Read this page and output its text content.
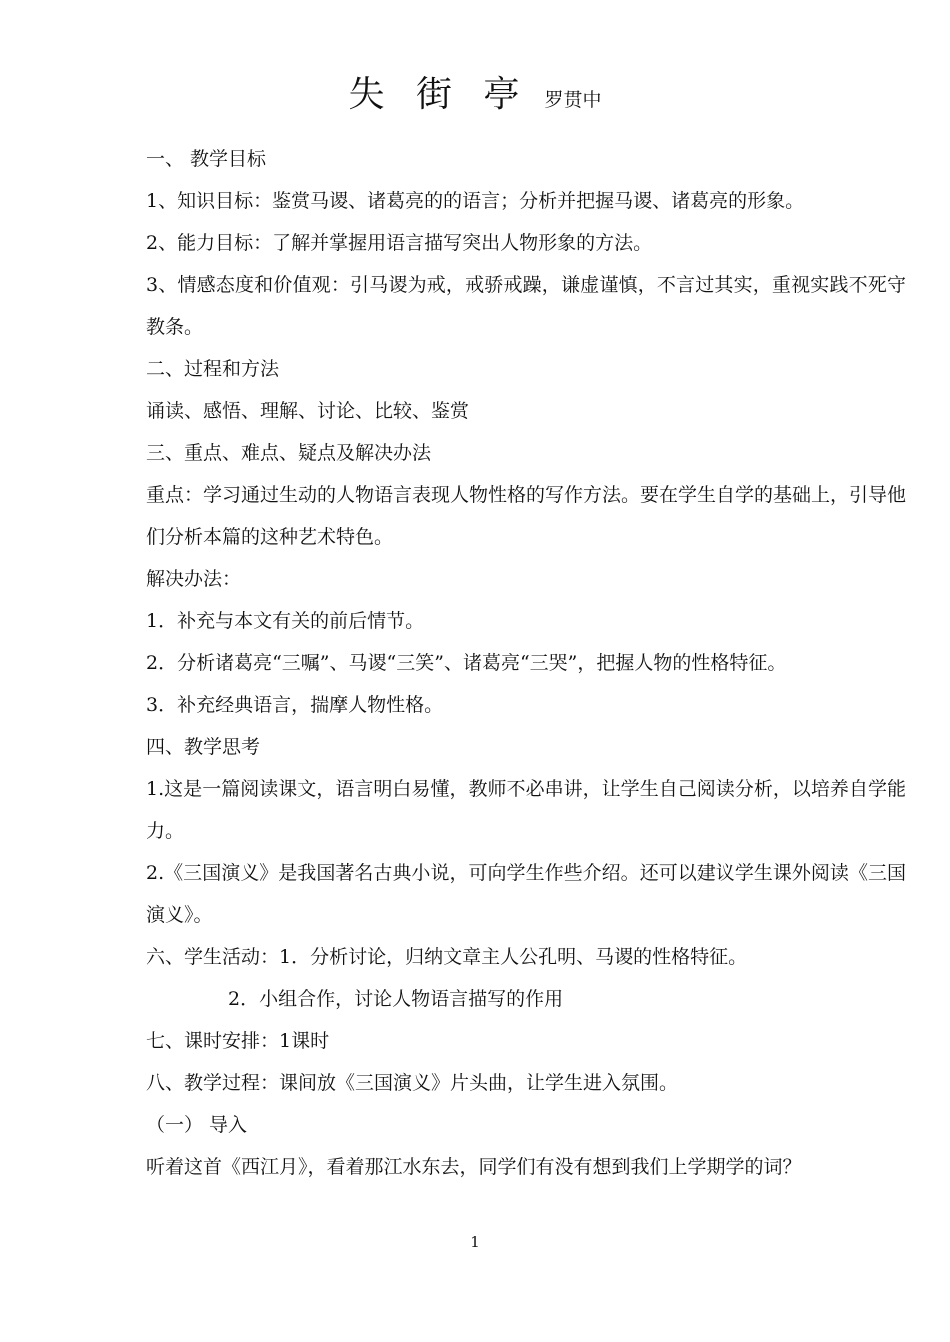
失 街 亭 罗贯中

一、 教学目标

1、知识目标：鉴赏马谡、诸葛亮的的语言；分析并把握马谡、诸葛亮的形象。

2、能力目标：了解并掌握用语言描写突出人物形象的方法。

3、情感态度和价值观：引马谡为戒，戒骄戒躁，谦虚谨慎，不言过其实，重视实践不死守教条。

二、过程和方法

诵读、感悟、理解、讨论、比较、鉴赏

三、重点、难点、疑点及解决办法

重点：学习通过生动的人物语言表现人物性格的写作方法。要在学生自学的基础上，引导他们分析本篇的这种艺术特色。

解决办法：

1．补充与本文有关的前后情节。

2．分析诸葛亮“三嘱”、马谡“三笑”、诸葛亮“三哭”，把握人物的性格特征。

3．补充经典语言，揣摩人物性格。

四、教学思考

1.这是一篇阅读课文，语言明白易懂，教师不必串讲，让学生自己阅读分析，以培养自学能力。

2.《三国演义》是我国著名古典小说，可向学生作些介绍。还可以建议学生课外阅读《三国演义》。

六、学生活动：1．分析讨论，归纳文章主人公孔明、马谡的性格特征。

2．小组合作，讨论人物语言描写的作用

七、课时安排：1课时

八、教学过程：课间放《三国演义》片头曲，让学生进入氛围。

（一） 导入

听着这首《西江月》，看着那江水东去，同学们有没有想到我们上学期学的词？

1
